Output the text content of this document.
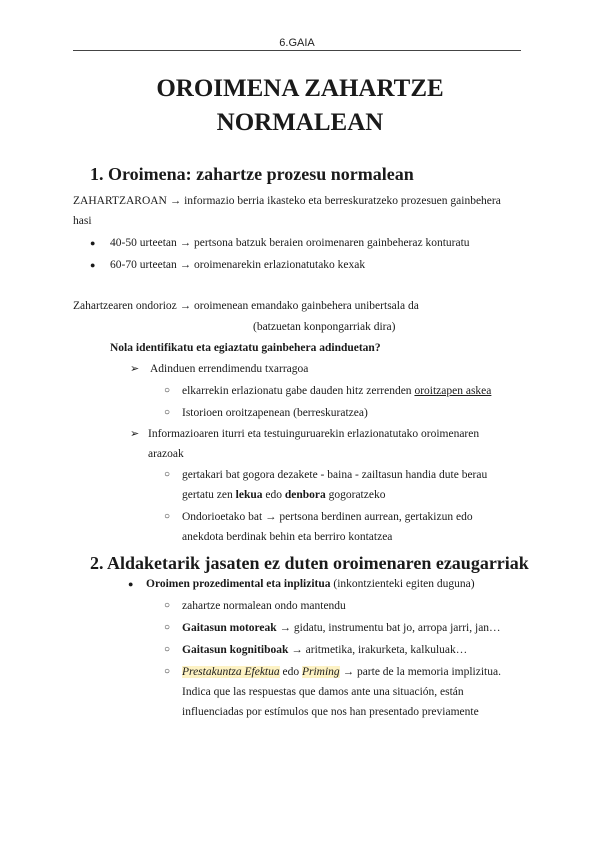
6.GAIA
OROIMENA ZAHARTZE
NORMALEAN
1. Oroimena: zahartze prozesu normalean
ZAHARTZAROAN → informazio berria ikasteko eta berreskuratzeko prozesuen gainbehera
hasi
● 40-50 urteetan → pertsona batzuk beraien oroimenaren gainbeheraz konturatu
● 60-70 urteetan → oroimenarekin erlazionatutako kexak
Zahartzearen ondorioz → oroimenean emandako gainbehera unibertsala da
(batzuetan konpongarriak dira)
Nola identifikatu eta egiaztatu gainbehera adinduetan?
➢ Adinduen errendimendu txarragoa
○ elkarrekin erlazionatu gabe dauden hitz zerrenden oroitzapen askea
○ Istorioen oroitzapenean (berreskuratzea)
➢ Informazioaren iturri eta testuinguruarekin erlazionatutako oroimenaren
arazoak
○ gertakari bat gogora dezakete - baina - zailtasun handia dute berau
gertatu zen lekua edo denbora gogoratzeko
○ Ondorioetako bat → pertsona berdinen aurrean, gertakizun edo
anekdota berdinak behin eta berriro kontatzea
2. Aldaketarik jasaten ez duten oroimenaren ezaugarriak
● Oroimen prozedimental eta inplizitua (inkontzienteki egiten duguna)
○ zahartze normalean ondo mantendu
○ Gaitasun motoreak → gidatu, instrumentu bat jo, arropa jarri, jan…
○ Gaitasun kognitiboak → aritmetika, irakurketa, kalkuluak…
○ Prestakuntza Efektua edo Priming → parte de la memoria implizitua.
Indica que las respuestas que damos ante una situación, están
influenciadas por estímulos que nos han presentado previamente
